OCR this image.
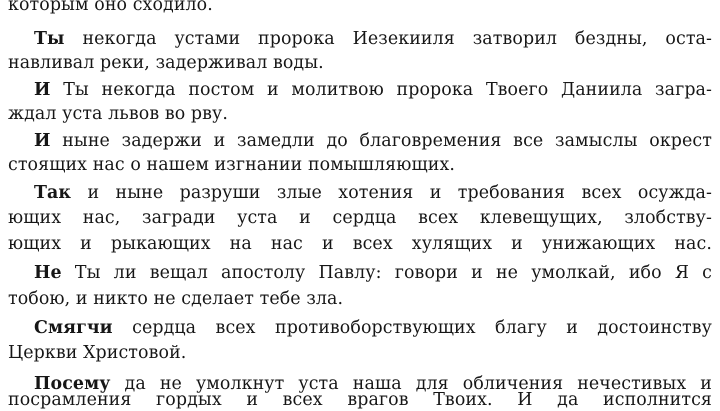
которым оно сходило.
Ты некогда устами пророка Иезекииля затворил бездны, оста-
навливал реки, задерживал воды.
И Ты некогда постом и молитвою пророка Твоего Даниила загра-
ждал уста львов во рву.
И ныне задержи и замедли до благовремения все замыслы окрест
стоящих нас о нашем изгнании помышляющих.
Так и ныне разруши злые хотения и требования всех осужда-
ющих нас, загради уста и сердца всех клевещущих, злобству-
ющих и рыкающих на нас и всех хулящих и унижающих нас.
Не Ты ли вещал апостолу Павлу: говори и не умолкай, ибо Я с
тобою, и никто не сделает тебе зла.
Смягчи сердца всех противоборствующих благу и достоинству
Церкви Христовой.
Посему да не умолкнут уста наша для обличения нечестивых и
посрамления гордых и всех врагов Твоих. И да исполнится
